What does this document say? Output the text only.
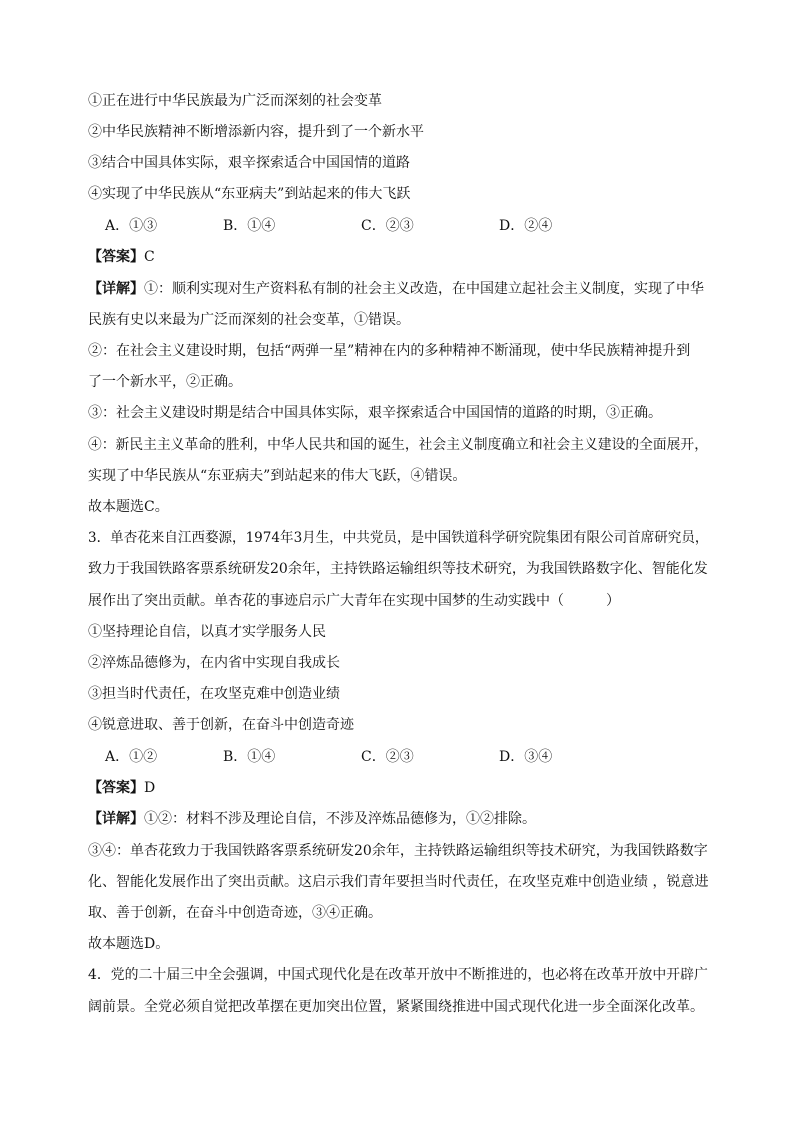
①正在进行中华民族最为广泛而深刻的社会变革
②中华民族精神不断增添新内容，提升到了一个新水平
③结合中国具体实际，艰辛探索适合中国国情的道路
④实现了中华民族从“东亚病夫”到站起来的伟大飞跃
A．①③	B．①④	C．②③	D．②④
【答案】C
【详解】①：顺利实现对生产资料私有制的社会主义改造，在中国建立起社会主义制度，实现了中华
民族有史以来最为广泛而深刻的社会变革，①错误。
②：在社会主义建设时期，包括“两弹一星”精神在内的多种精神不断涌现，使中华民族精神提升到
了一个新水平，②正确。
③：社会主义建设时期是结合中国具体实际，艰辛探索适合中国国情的道路的时期，③正确。
④：新民主主义革命的胜利，中华人民共和国的诞生，社会主义制度确立和社会主义建设的全面展开，
实现了中华民族从“东亚病夫”到站起来的伟大飞跃，④错误。
故本题选C。
3．单杏花来自江西婺源，1974年3月生，中共党员，是中国铁道科学研究院集团有限公司首席研究员，
致力于我国铁路客票系统研发20余年，主持铁路运输组织等技术研究，为我国铁路数字化、智能化发
展作出了突出贡献。单杏花的事迹启示广大青年在实现中国梦的生动实践中（　　　）
①坚持理论自信，以真才实学服务人民
②淬炼品德修为，在内省中实现自我成长
③担当时代责任，在攻坚克难中创造业绩
④锐意进取、善于创新，在奋斗中创造奇迹
A．①②	B．①④	C．②③	D．③④
【答案】D
【详解】①②：材料不涉及理论自信，不涉及淬炼品德修为，①②排除。
③④：单杏花致力于我国铁路客票系统研发20余年，主持铁路运输组织等技术研究，为我国铁路数字
化、智能化发展作出了突出贡献。这启示我们青年要担当时代责任，在攻坚克难中创造业绩 ，锐意进
取、善于创新，在奋斗中创造奇迹，③④正确。
故本题选D。
4．党的二十届三中全会强调，中国式现代化是在改革开放中不断推进的，也必将在改革开放中开辟广
阔前景。全党必须自觉把改革摆在更加突出位置，紧紧围绕推进中国式现代化进一步全面深化改革。
